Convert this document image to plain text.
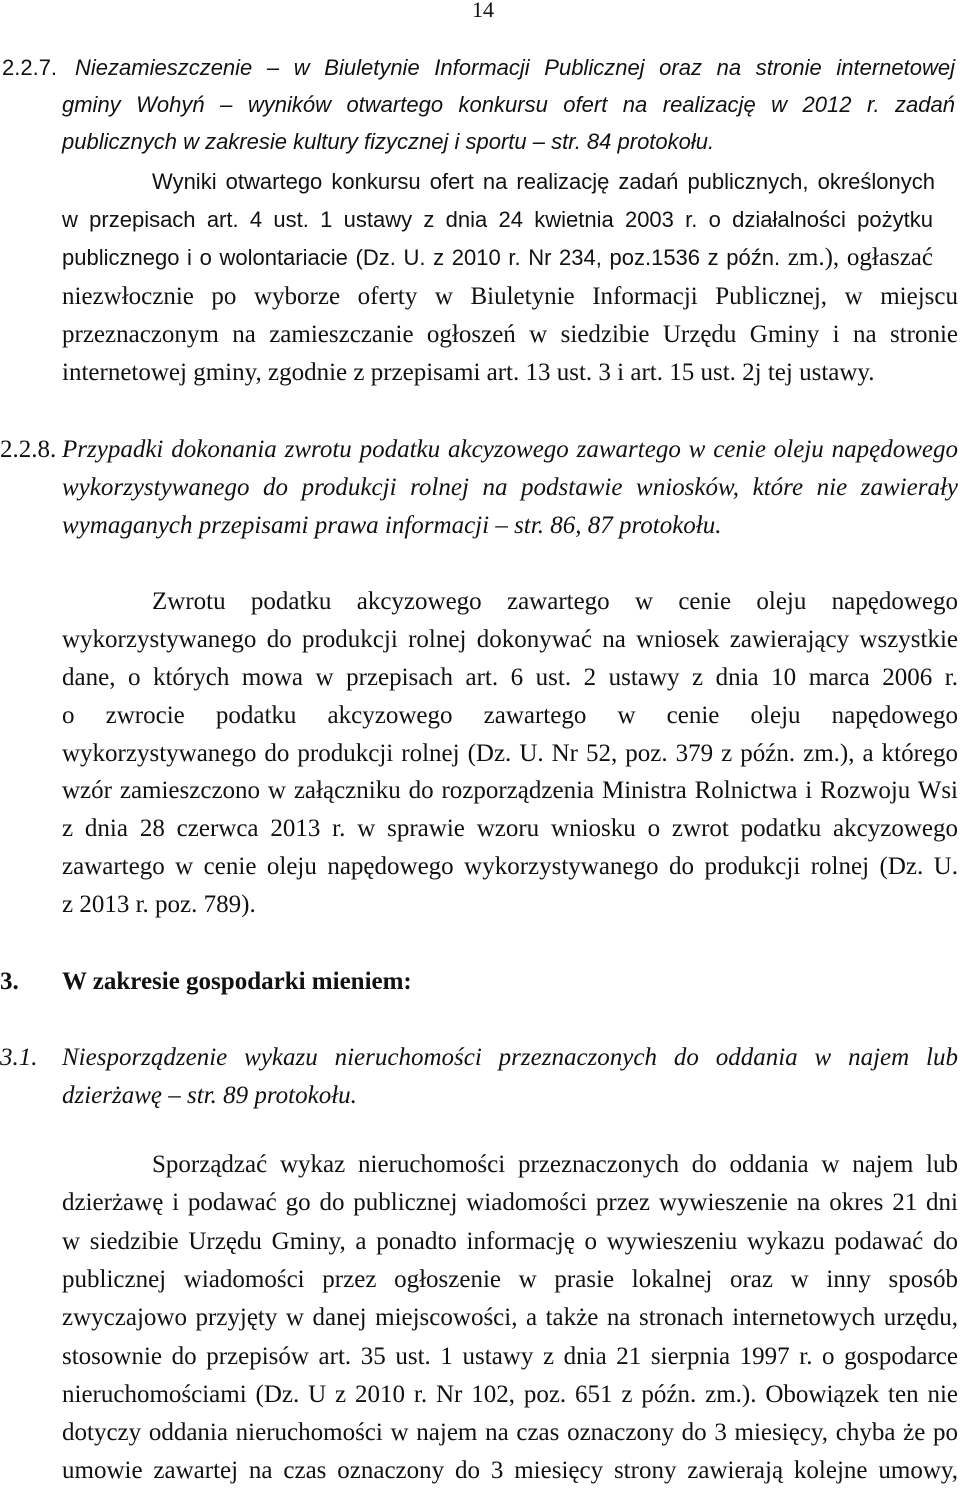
14
2.2.7. Niezamieszczenie – w Biuletynie Informacji Publicznej oraz na stronie internetowej
gminy Wohyń – wyników otwartego konkursu ofert na realizację w 2012 r. zadań
publicznych w zakresie kultury fizycznej i sportu – str. 84 protokołu.
Wyniki otwartego konkursu ofert na realizację zadań publicznych, określonych
w przepisach art. 4 ust. 1 ustawy z dnia 24 kwietnia 2003 r. o działalności pożytku
publicznego i o wolontariacie (Dz. U. z 2010 r. Nr 234, poz.1536 z późn. zm.), ogłaszać
niezwłocznie po wyborze oferty w Biuletynie Informacji Publicznej, w miejscu
przeznaczonym na zamieszczanie ogłoszeń w siedzibie Urzędu Gminy i na stronie
internetowej gminy, zgodnie z przepisami art. 13 ust. 3 i art. 15 ust. 2j tej ustawy.
2.2.8. Przypadki dokonania zwrotu podatku akcyzowego zawartego w cenie oleju napędowego
wykorzystywanego do produkcji rolnej na podstawie wniosków, które nie zawierały
wymaganych przepisami prawa informacji – str. 86, 87 protokołu.
Zwrotu podatku akcyzowego zawartego w cenie oleju napędowego
wykorzystywanego do produkcji rolnej dokonywać na wniosek zawierający wszystkie
dane, o których mowa w przepisach art. 6 ust. 2 ustawy z dnia 10 marca 2006 r.
o zwrocie podatku akcyzowego zawartego w cenie oleju napędowego
wykorzystywanego do produkcji rolnej (Dz. U. Nr 52, poz. 379 z późn. zm.), a którego
wzór zamieszczono w załączniku do rozporządzenia Ministra Rolnictwa i Rozwoju Wsi
z dnia 28 czerwca 2013 r. w sprawie wzoru wniosku o zwrot podatku akcyzowego
zawartego w cenie oleju napędowego wykorzystywanego do produkcji rolnej (Dz. U.
z 2013 r. poz. 789).
3.	W zakresie gospodarki mieniem:
3.1. Niesporządzenie wykazu nieruchomości przeznaczonych do oddania w najem lub
dzierżawę – str. 89 protokołu.
Sporządzać wykaz nieruchomości przeznaczonych do oddania w najem lub
dzierżawę i podawać go do publicznej wiadomości przez wywieszenie na okres 21 dni
w siedzibie Urzędu Gminy, a ponadto informację o wywieszeniu wykazu podawać do
publicznej wiadomości przez ogłoszenie w prasie lokalnej oraz w inny sposób
zwyczajowo przyjęty w danej miejscowości, a także na stronach internetowych urzędu,
stosownie do przepisów art. 35 ust. 1 ustawy z dnia 21 sierpnia 1997 r. o gospodarce
nieruchomościami (Dz. U z 2010 r. Nr 102, poz. 651 z późn. zm.). Obowiązek ten nie
dotyczy oddania nieruchomości w najem na czas oznaczony do 3 miesięcy, chyba że po
umowie zawartej na czas oznaczony do 3 miesięcy strony zawierają kolejne umowy,
